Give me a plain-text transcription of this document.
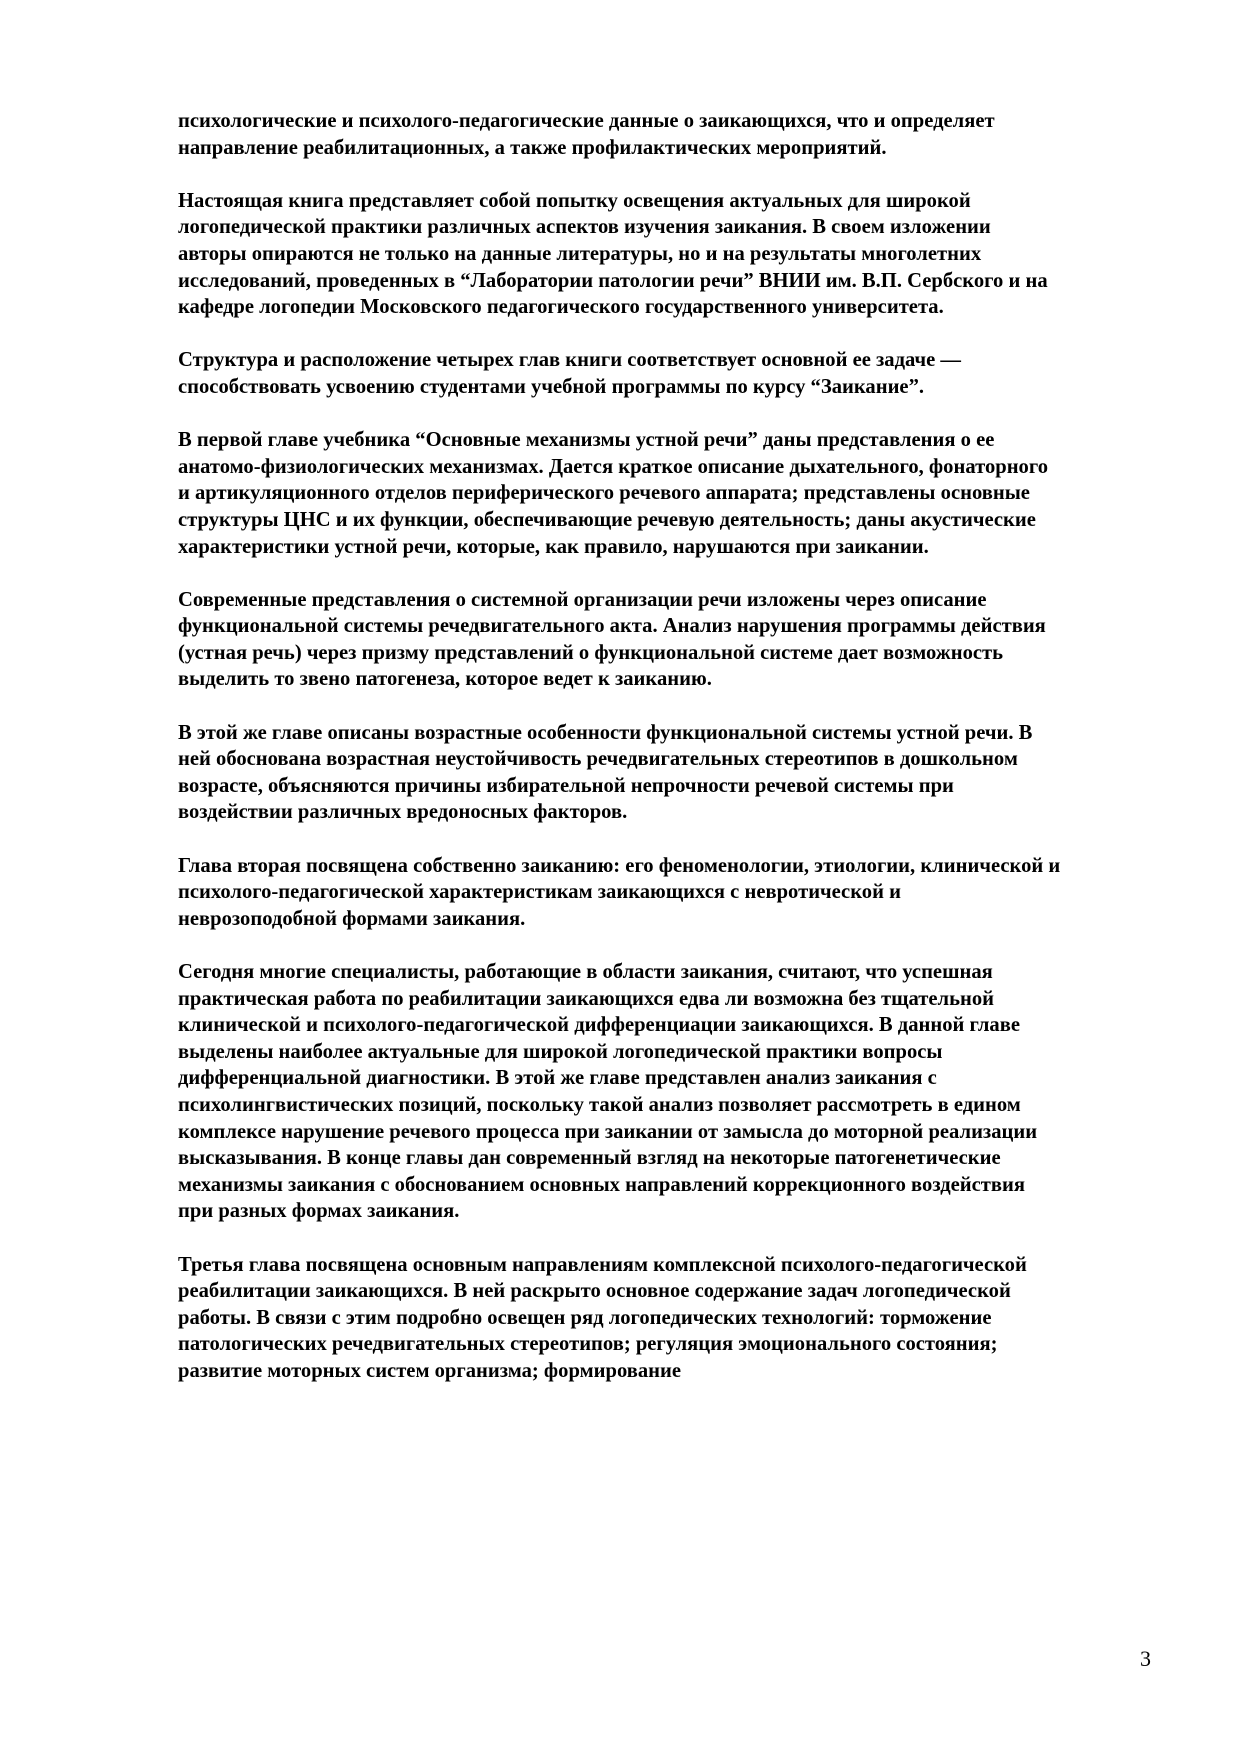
психологические и психолого-педагогические данные о заикающихся, что и определяет направление реабилитационных, а также профилактических мероприятий.

Настоящая книга представляет собой попытку освещения актуальных для широкой логопедической практики различных аспектов изучения заикания. В своем изложении авторы опираются не только на данные литературы, но и на результаты многолетних исследований, проведенных в “Лаборатории патологии речи” ВНИИ им. В.П. Сербского и на кафедре логопедии Московского педагогического государственного университета.

Структура и расположение четырех глав книги соответствует основной ее задаче — способствовать усвоению студентами учебной программы по курсу “Заикание”.

В первой главе учебника “Основные механизмы устной речи” даны представления о ее анатомо-физиологических механизмах. Дается краткое описание дыхательного, фонаторного и артикуляционного отделов периферического речевого аппарата; представлены основные структуры ЦНС и их функции, обеспечивающие речевую деятельность; даны акустические характеристики устной речи, которые, как правило, нарушаются при заикании.

Современные представления о системной организации речи изложены через описание функциональной системы речедвигательного акта. Анализ нарушения программы действия (устная речь) через призму представлений о функциональной системе дает возможность выделить то звено патогенеза, которое ведет к заиканию.

В этой же главе описаны возрастные особенности функциональной системы устной речи. В ней обоснована возрастная неустойчивость речедвигательных стереотипов в дошкольном возрасте, объясняются причины избирательной непрочности речевой системы при воздействии различных вредоносных факторов.

Глава вторая посвящена собственно заиканию: его феноменологии, этиологии, клинической и психолого-педагогической характеристикам заикающихся с невротической и неврозоподобной формами заикания.

Сегодня многие специалисты, работающие в области заикания, считают, что успешная практическая работа по реабилитации заикающихся едва ли возможна без тщательной клинической и психолого-педагогической дифференциации заикающихся. В данной главе выделены наиболее актуальные для широкой логопедической практики вопросы дифференциальной диагностики. В этой же главе представлен анализ заикания с психолингвистических позиций, поскольку такой анализ позволяет рассмотреть в едином комплексе нарушение речевого процесса при заикании от замысла до моторной реализации высказывания. В конце главы дан современный взгляд на некоторые патогенетические механизмы заикания с обоснованием основных направлений коррекционного воздействия при разных формах заикания.

Третья глава посвящена основным направлениям комплексной психолого-педагогической реабилитации заикающихся. В ней раскрыто основное содержание задач логопедической работы. В связи с этим подробно освещен ряд логопедических технологий: торможение патологических речедвигательных стереотипов; регуляция эмоционального состояния; развитие моторных систем организма; формирование

3
